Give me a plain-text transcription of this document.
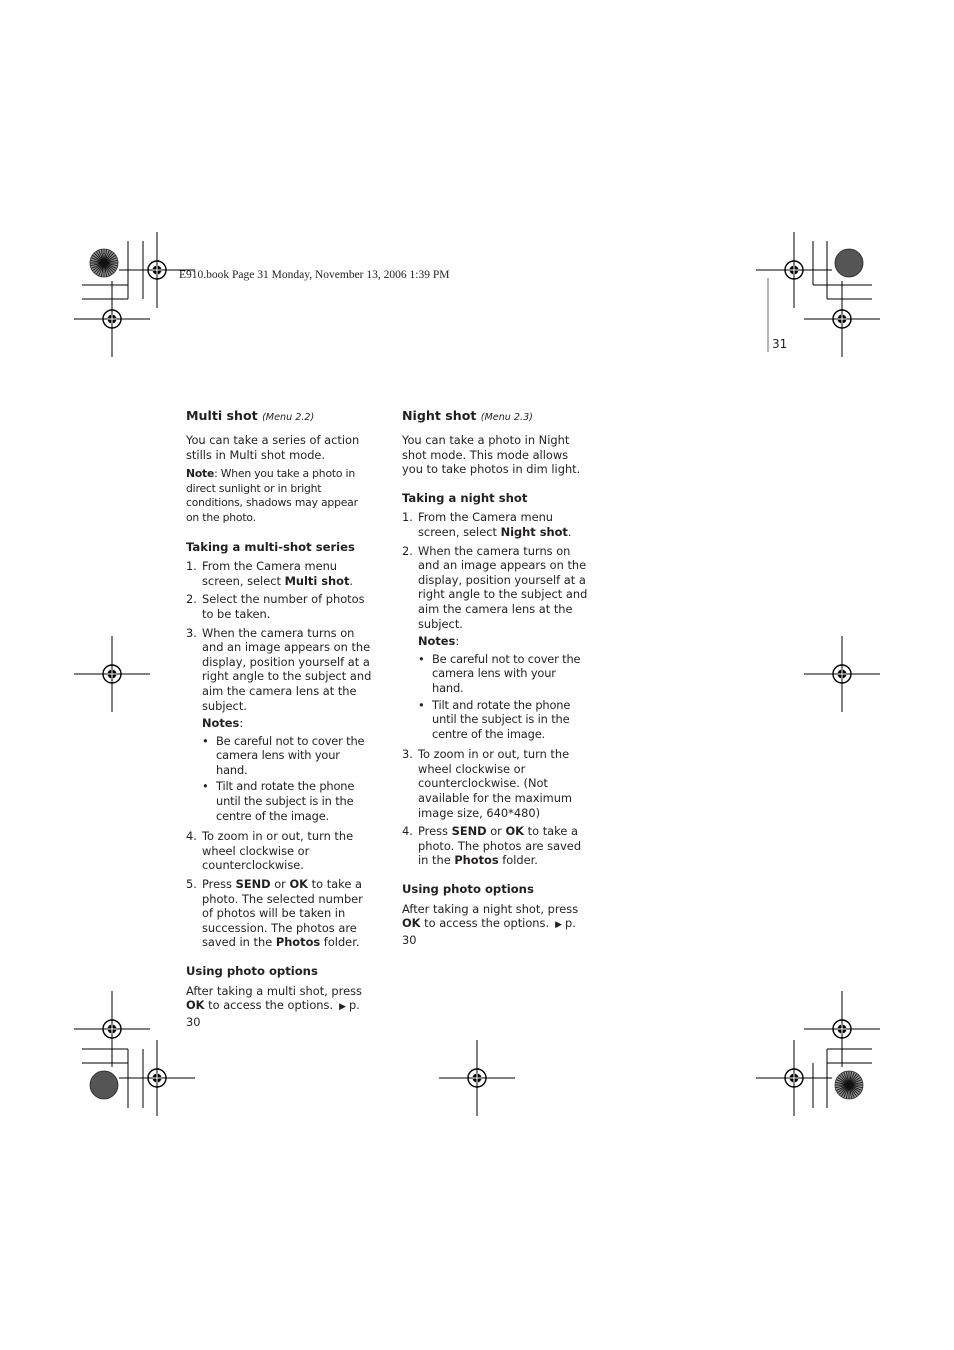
E910.book Page 31 Monday, November 13, 2006 1:39 PM
31
Multi shot (Menu 2.2)

You can take a series of action stills in Multi shot mode.

Note: When you take a photo in direct sunlight or in bright conditions, shadows may appear on the photo.

Taking a multi-shot series
1. From the Camera menu screen, select Multi shot.
2. Select the number of photos to be taken.
3. When the camera turns on and an image appears on the display, position yourself at a right angle to the subject and aim the camera lens at the subject.
Notes:
• Be careful not to cover the camera lens with your hand.
• Tilt and rotate the phone until the subject is in the centre of the image.
4. To zoom in or out, turn the wheel clockwise or counterclockwise.
5. Press SEND or OK to take a photo. The selected number of photos will be taken in succession. The photos are saved in the Photos folder.
Using photo options

After taking a multi shot, press OK to access the options. ▶ p. 30

Night shot (Menu 2.3)

You can take a photo in Night shot mode. This mode allows you to take photos in dim light.

Taking a night shot
1. From the Camera menu screen, select Night shot.
2. When the camera turns on and an image appears on the display, position yourself at a right angle to the subject and aim the camera lens at the subject.
Notes:
• Be careful not to cover the camera lens with your hand.
• Tilt and rotate the phone until the subject is in the centre of the image.
3. To zoom in or out, turn the wheel clockwise or counterclockwise. (Not available for the maximum image size, 640*480)
4. Press SEND or OK to take a photo. The photos are saved in the Photos folder.
Using photo options

After taking a night shot, press OK to access the options. ▶ p. 30
